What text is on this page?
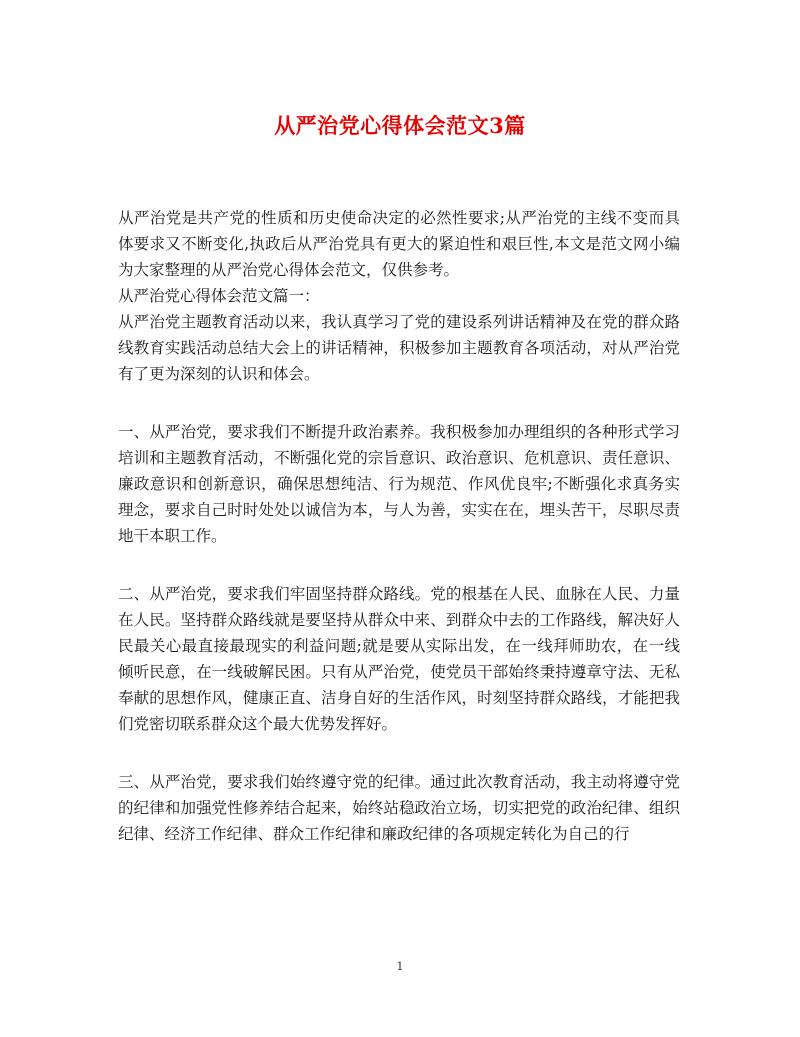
从严治党心得体会范文3篇

从严治党是共产党的性质和历史使命决定的必然性要求;从严治党的主线不变而具体要求又不断变化,执政后从严治党具有更大的紧迫性和艰巨性,本文是范文网小编为大家整理的从严治党心得体会范文，仅供参考。

从严治党心得体会范文篇一：

从严治党主题教育活动以来，我认真学习了党的建设系列讲话精神及在党的群众路线教育实践活动总结大会上的讲话精神，积极参加主题教育各项活动，对从严治党有了更为深刻的认识和体会。

一、从严治党，要求我们不断提升政治素养。我积极参加办理组织的各种形式学习培训和主题教育活动，不断强化党的宗旨意识、政治意识、危机意识、责任意识、廉政意识和创新意识，确保思想纯洁、行为规范、作风优良牢;不断强化求真务实理念，要求自己时时处处以诚信为本，与人为善，实实在在，埋头苦干，尽职尽责地干本职工作。

二、从严治党，要求我们牢固坚持群众路线。党的根基在人民、血脉在人民、力量在人民。坚持群众路线就是要坚持从群众中来、到群众中去的工作路线，解决好人民最关心最直接最现实的利益问题;就是要从实际出发，在一线拜师助农，在一线倾听民意，在一线破解民困。只有从严治党，使党员干部始终秉持遵章守法、无私奉献的思想作风，健康正直、洁身自好的生活作风，时刻坚持群众路线，才能把我们党密切联系群众这个最大优势发挥好。

三、从严治党，要求我们始终遵守党的纪律。通过此次教育活动，我主动将遵守党的纪律和加强党性修养结合起来，始终站稳政治立场，切实把党的政治纪律、组织纪律、经济工作纪律、群众工作纪律和廉政纪律的各项规定转化为自己的行

1
